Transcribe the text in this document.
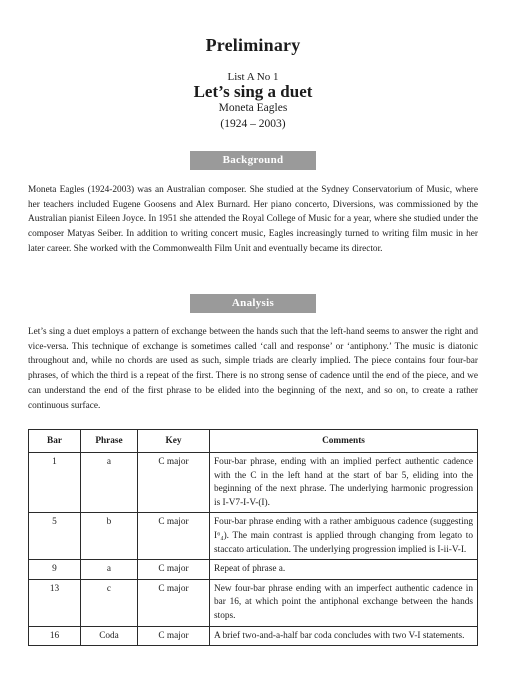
Preliminary
List A No 1
Let’s sing a duet
Moneta Eagles
(1924 – 2003)
Background
Moneta Eagles (1924-2003) was an Australian composer. She studied at the Sydney Conservatorium of Music, where her teachers included Eugene Goosens and Alex Burnard. Her piano concerto, Diversions, was commissioned by the Australian pianist Eileen Joyce. In 1951 she attended the Royal College of Music for a year, where she studied under the composer Matyas Seiber. In addition to writing concert music, Eagles increasingly turned to writing film music in her later career. She worked with the Commonwealth Film Unit and eventually became its director.
Analysis
Let’s sing a duet employs a pattern of exchange between the hands such that the left-hand seems to answer the right and vice-versa. This technique of exchange is sometimes called ‘call and response’ or ‘antiphony.’ The music is diatonic throughout and, while no chords are used as such, simple triads are clearly implied. The piece contains four four-bar phrases, of which the third is a repeat of the first. There is no strong sense of cadence until the end of the piece, and we can understand the end of the first phrase to be elided into the beginning of the next, and so on, to create a rather continuous surface.
Bar	Phrase	Key	Comments
1	a	C major	Four-bar phrase, ending with an implied perfect authentic cadence with the C in the left hand at the start of bar 5, eliding into the beginning of the next phrase. The underlying harmonic progression is I-V7-I-V-(I).
5	b	C major	Four-bar phrase ending with a rather ambiguous cadence (suggesting I⁶₄). The main contrast is applied through changing from legato to staccato articulation. The underlying progression implied is I-ii-V-I.
9	a	C major	Repeat of phrase a.
13	c	C major	New four-bar phrase ending with an imperfect authentic cadence in bar 16, at which point the antiphonal exchange between the hands stops.
16	Coda	C major	A brief two-and-a-half bar coda concludes with two V-I statements.
